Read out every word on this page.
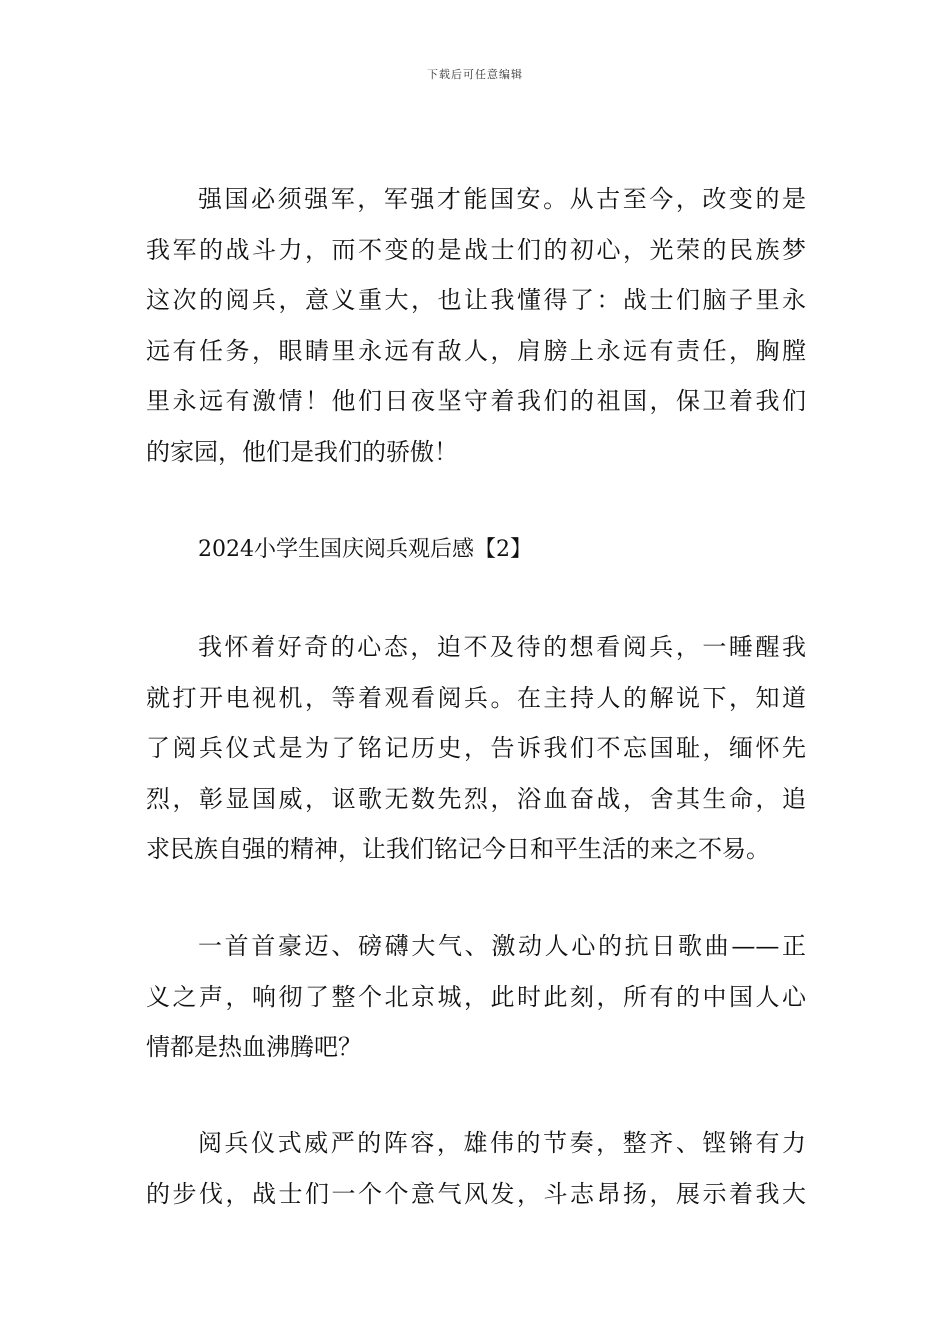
下载后可任意编辑
强国必须强军，军强才能国安。从古至今，改变的是
我军的战斗力，而不变的是战士们的初心，光荣的民族梦
这次的阅兵，意义重大，也让我懂得了：战士们脑子里永
远有任务，眼睛里永远有敌人，肩膀上永远有责任，胸膛
里永远有激情！他们日夜坚守着我们的祖国，保卫着我们
的家园，他们是我们的骄傲！
2024小学生国庆阅兵观后感【2】
我怀着好奇的心态，迫不及待的想看阅兵，一睡醒我
就打开电视机，等着观看阅兵。在主持人的解说下，知道
了阅兵仪式是为了铭记历史，告诉我们不忘国耻，缅怀先
烈，彰显国威，讴歌无数先烈，浴血奋战，舍其生命，追
求民族自强的精神，让我们铭记今日和平生活的来之不易。
一首首豪迈、磅礴大气、激动人心的抗日歌曲——正
义之声，响彻了整个北京城，此时此刻，所有的中国人心
情都是热血沸腾吧？
阅兵仪式威严的阵容，雄伟的节奏，整齐、铿锵有力
的步伐，战士们一个个意气风发，斗志昂扬，展示着我大
